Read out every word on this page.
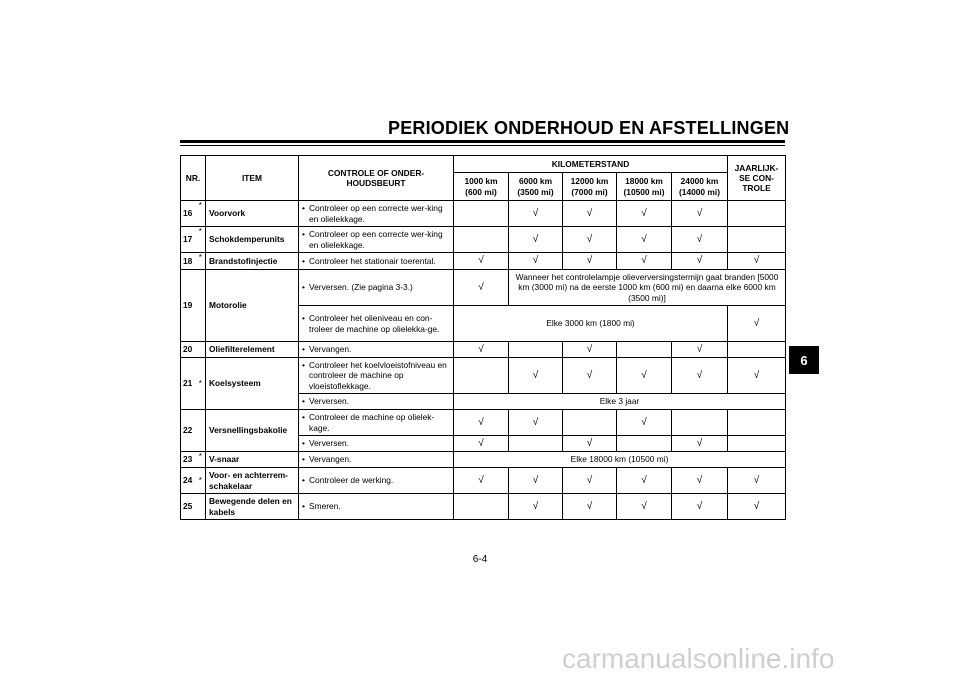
PERIODIEK ONDERHOUD EN AFSTELLINGEN
NR.		ITEM	CONTROLE OF ONDER-HOUDSBEURT	KILOMETERSTAND					JAARLIJK-SE CON-TROLE
				1000 km (600 mi)	6000 km (3500 mi)	12000 km (7000 mi)	18000 km (10500 mi)	24000 km (14000 mi)	
16	*	Voorvork	• Controleer op een correcte wer-king en olielekkage.		√	√	√	√	
17	*	Schokdemperunits	• Controleer op een correcte wer-king en olielekkage.		√	√	√	√	
18	*	Brandstofinjectie	• Controleer het stationair toerental.	√	√	√	√	√	√
19		Motorolie	• Verversen. (Zie pagina 3-3.)	√	Wanneer het controlelampje olieverversingstermijn gaat branden [5000 km (3000 mi) na de eerste 1000 km (600 mi) en daarna elke 6000 km (3500 mi)]				

			• Controleer het olieniveau en con-troleer de machine op olielekka-ge.	Elke 3000 km (1800 mi)					√
20		Oliefilterelement	• Vervangen.	√		√		√	
21	*	Koelsysteem	• Controleer het koelvloeistofniveau en controleer de machine op vloeistoflekkage.		√	√	√	√	√

			• Verversen.	Elke 3 jaar					
22		Versnellingsbakolie	• Controleer de machine op olielek-kage.	√	√		√		

			• Verversen.	√		√		√	
23	*	V-snaar	• Vervangen.	Elke 18000 km (10500 mi)					
24	*	Voor- en achterrem-schakelaar	• Controleer de werking.	√	√	√	√	√	√
25		Bewegende delen en kabels	• Smeren.		√	√	√	√	√
6
6-4
carmanualsonline.info
